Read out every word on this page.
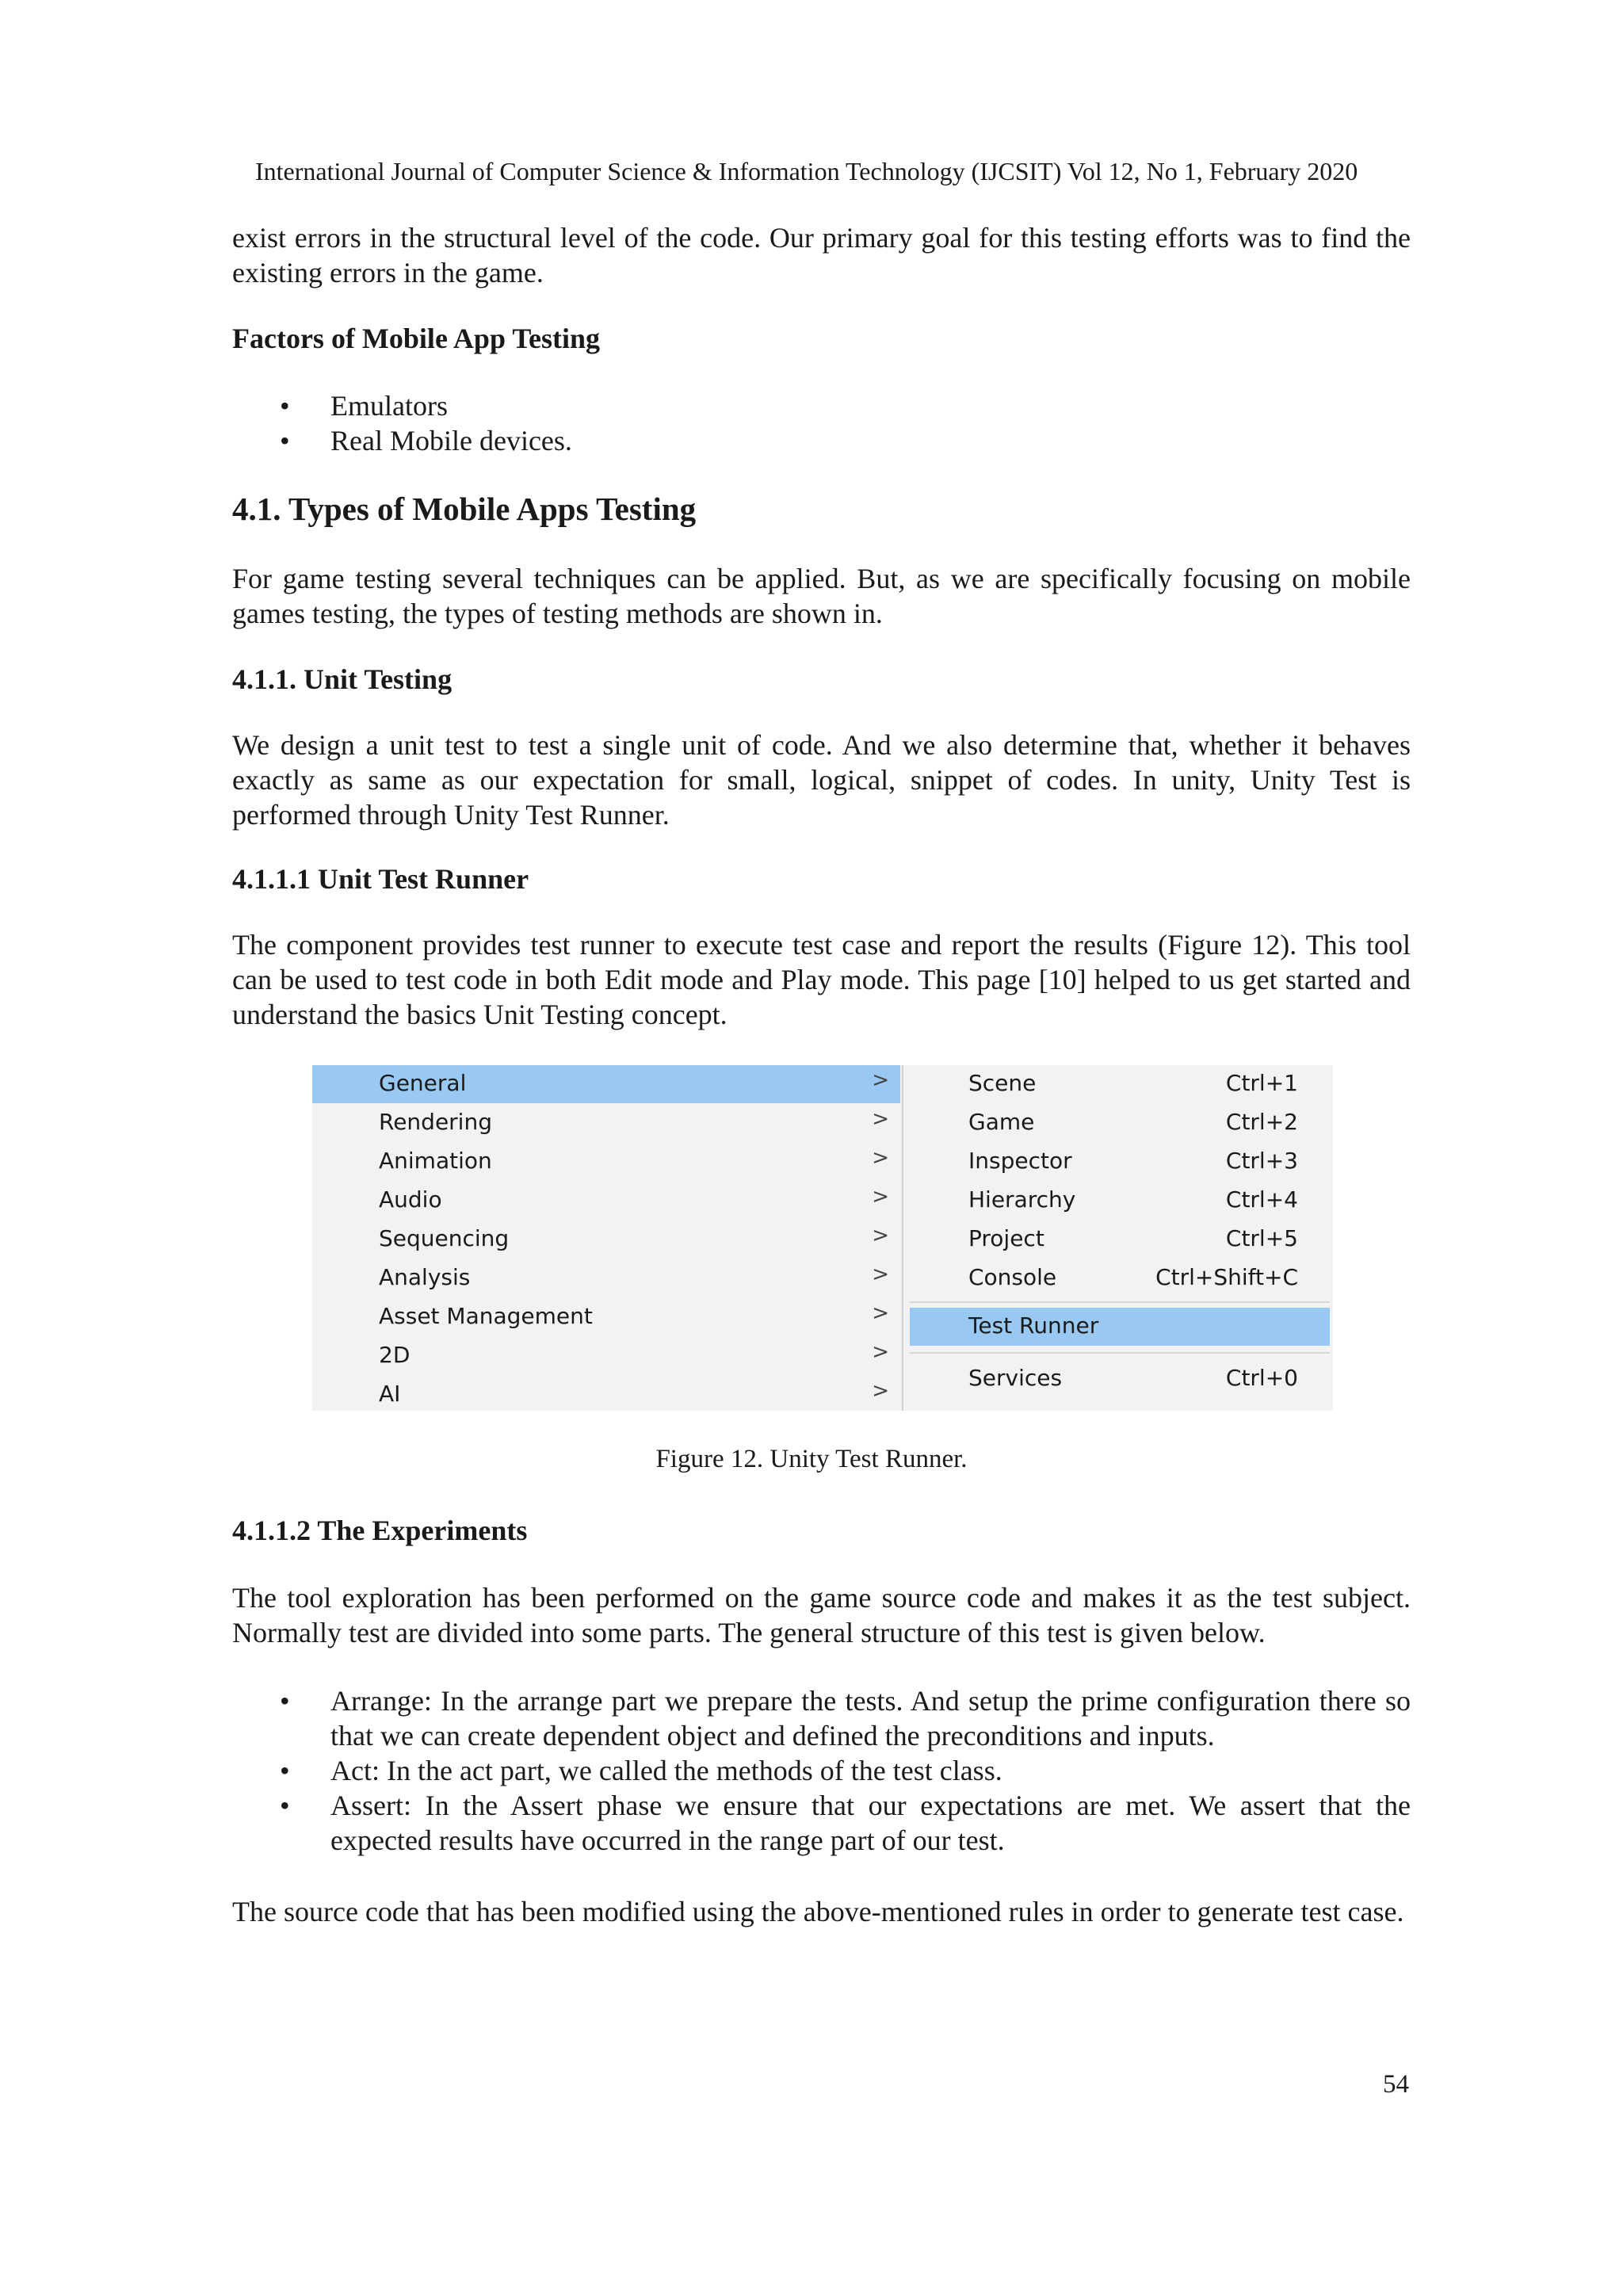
International Journal of Computer Science & Information Technology (IJCSIT) Vol 12, No 1, February 2020

exist errors in the structural level of the code. Our primary goal for this testing efforts was to find the existing errors in the game.

Factors of Mobile App Testing
• Emulators
• Real Mobile devices.
4.1. Types of Mobile Apps Testing

For game testing several techniques can be applied. But, as we are specifically focusing on mobile games testing, the types of testing methods are shown in.

4.1.1. Unit Testing

We design a unit test to test a single unit of code. And we also determine that, whether it behaves exactly as same as our expectation for small, logical, snippet of codes. In unity, Unity Test is performed through Unity Test Runner.

4.1.1.1 Unit Test Runner

The component provides test runner to execute test case and report the results (Figure 12). This tool can be used to test code in both Edit mode and Play mode. This page [10] helped to us get started and understand the basics Unit Testing concept.

General	>
Rendering	>
Animation	>
Audio	>
Sequencing	>
Analysis	>
Asset Management	>
2D	>
AI	>
Scene	Ctrl+1
Game	Ctrl+2
Inspector	Ctrl+3
Hierarchy	Ctrl+4
Project	Ctrl+5
Console	Ctrl+Shift+C
Test Runner
Services	Ctrl+0
Figure 12. Unity Test Runner.
4.1.1.2 The Experiments

The tool exploration has been performed on the game source code and makes it as the test subject. Normally test are divided into some parts. The general structure of this test is given below.

• Arrange: In the arrange part we prepare the tests. And setup the prime configuration there so that we can create dependent object and defined the preconditions and inputs.
• Act: In the act part, we called the methods of the test class.
• Assert: In the Assert phase we ensure that our expectations are met. We assert that the expected results have occurred in the range part of our test.

The source code that has been modified using the above-mentioned rules in order to generate test case.

54
